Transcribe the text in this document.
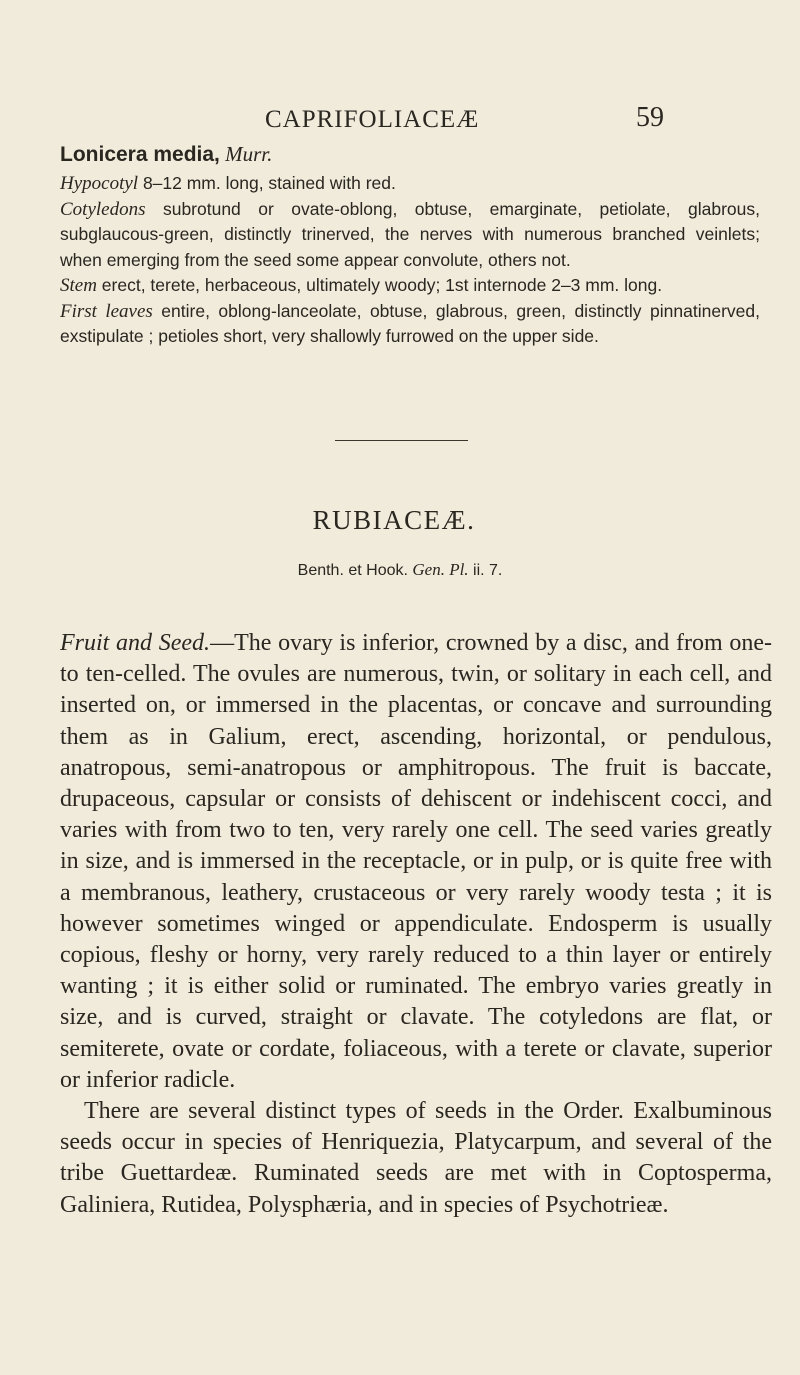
CAPRIFOLIACEÆ	59
Lonicera media, Murr.

Hypocotyl 8–12 mm. long, stained with red.

Cotyledons subrotund or ovate-oblong, obtuse, emarginate, petiolate, glabrous, subglaucous-green, distinctly trinerved, the nerves with numerous branched veinlets; when emerging from the seed some appear convolute, others not.

Stem erect, terete, herbaceous, ultimately woody; 1st internode 2–3 mm. long.

First leaves entire, oblong-lanceolate, obtuse, glabrous, green, distinctly pinnatinerved, exstipulate ; petioles short, very shallowly furrowed on the upper side.

RUBIACEÆ.
Benth. et Hook. Gen. Pl. ii. 7.

Fruit and Seed.—The ovary is inferior, crowned by a disc, and from one- to ten-celled. The ovules are numerous, twin, or solitary in each cell, and inserted on, or immersed in the placentas, or concave and surrounding them as in Galium, erect, ascending, horizontal, or pendulous, anatropous, semi-anatropous or amphitropous. The fruit is baccate, drupaceous, capsular or consists of dehiscent or indehiscent cocci, and varies with from two to ten, very rarely one cell. The seed varies greatly in size, and is immersed in the receptacle, or in pulp, or is quite free with a membranous, leathery, crustaceous or very rarely woody testa ; it is however sometimes winged or appendiculate. Endosperm is usually copious, fleshy or horny, very rarely reduced to a thin layer or entirely wanting ; it is either solid or ruminated. The embryo varies greatly in size, and is curved, straight or clavate. The cotyledons are flat, or semiterete, ovate or cordate, foliaceous, with a terete or clavate, superior or inferior radicle.

There are several distinct types of seeds in the Order. Exalbuminous seeds occur in species of Henriquezia, Platycarpum, and several of the tribe Guettardeæ. Ruminated seeds are met with in Coptosperma, Galiniera, Rutidea, Polysphæria, and in species of Psychotrieæ.
